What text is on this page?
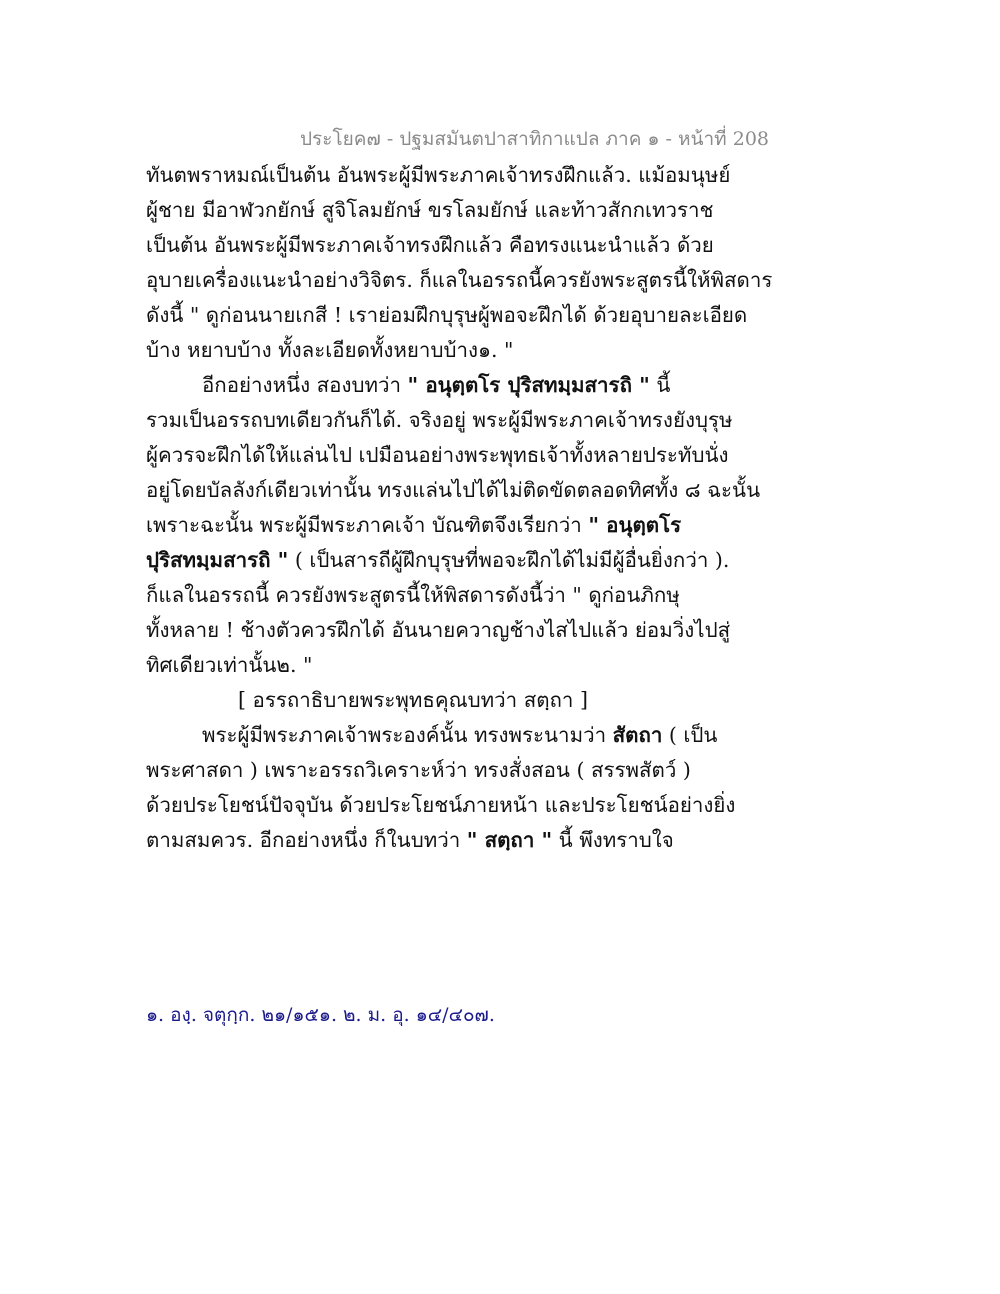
ประโยค๗ - ปฐมสมันตปาสาทิกาแปล ภาค ๑ - หน้าที่ 208
ทันตพราหมณ์เป็นต้น อันพระผู้มีพระภาคเจ้าทรงฝึกแล้ว. แม้อมนุษย์
ผู้ชาย มีอาฬวกยักษ์ สูจิโลมยักษ์ ขรโลมยักษ์ และท้าวสักกเทวราช
เป็นต้น อันพระผู้มีพระภาคเจ้าทรงฝึกแล้ว คือทรงแนะนำแล้ว ด้วย
อุบายเครื่องแนะนำอย่างวิจิตร. ก็แลในอรรถนี้ควรยังพระสูตรนี้ให้พิสดาร
ดังนี้ " ดูก่อนนายเกสี ! เราย่อมฝึกบุรุษผู้พอจะฝึกได้ ด้วยอุบายละเอียด
บ้าง หยาบบ้าง ทั้งละเอียดทั้งหยาบบ้าง๑. "
อีกอย่างหนึ่ง สองบทว่า " อนุตฺตโร ปุริสทมฺมสารถิ " นี้
รวมเป็นอรรถบทเดียวกันก็ได้. จริงอยู่ พระผู้มีพระภาคเจ้าทรงยังบุรุษ
ผู้ควรจะฝึกได้ให้แล่นไป เปมือนอย่างพระพุทธเจ้าทั้งหลายประทับนั่ง
อยู่โดยบัลลังก์เดียวเท่านั้น ทรงแล่นไปได้ไม่ติดขัดตลอดทิศทั้ง ๘ ฉะนั้น
เพราะฉะนั้น พระผู้มีพระภาคเจ้า บัณฑิตจึงเรียกว่า " อนุตฺตโร
ปุริสทมฺมสารถิ " ( เป็นสารถีผู้ฝึกบุรุษที่พอจะฝึกได้ไม่มีผู้อื่นยิ่งกว่า ).
ก็แลในอรรถนี้ ควรยังพระสูตรนี้ให้พิสดารดังนี้ว่า " ดูก่อนภิกษุ
ทั้งหลาย ! ช้างตัวควรฝึกได้ อันนายควาญช้างไสไปแล้ว ย่อมวิ่งไปสู่
ทิศเดียวเท่านั้น๒. "
[ อรรถาธิบายพระพุทธคุณบทว่า สตฺถา ]
พระผู้มีพระภาคเจ้าพระองค์นั้น ทรงพระนามว่า สัตถา ( เป็น
พระศาสดา ) เพราะอรรถวิเคราะห์ว่า ทรงสั่งสอน ( สรรพสัตว์ )
ด้วยประโยชน์ปัจจุบัน ด้วยประโยชน์ภายหน้า และประโยชน์อย่างยิ่ง
ตามสมควร. อีกอย่างหนึ่ง ก็ในบทว่า " สตฺถา " นี้ พึงทราบใจ
๑. องฺ. จตุกฺก. ๒๑/๑๕๑. ๒. ม. อุ. ๑๔/๔๐๗.
